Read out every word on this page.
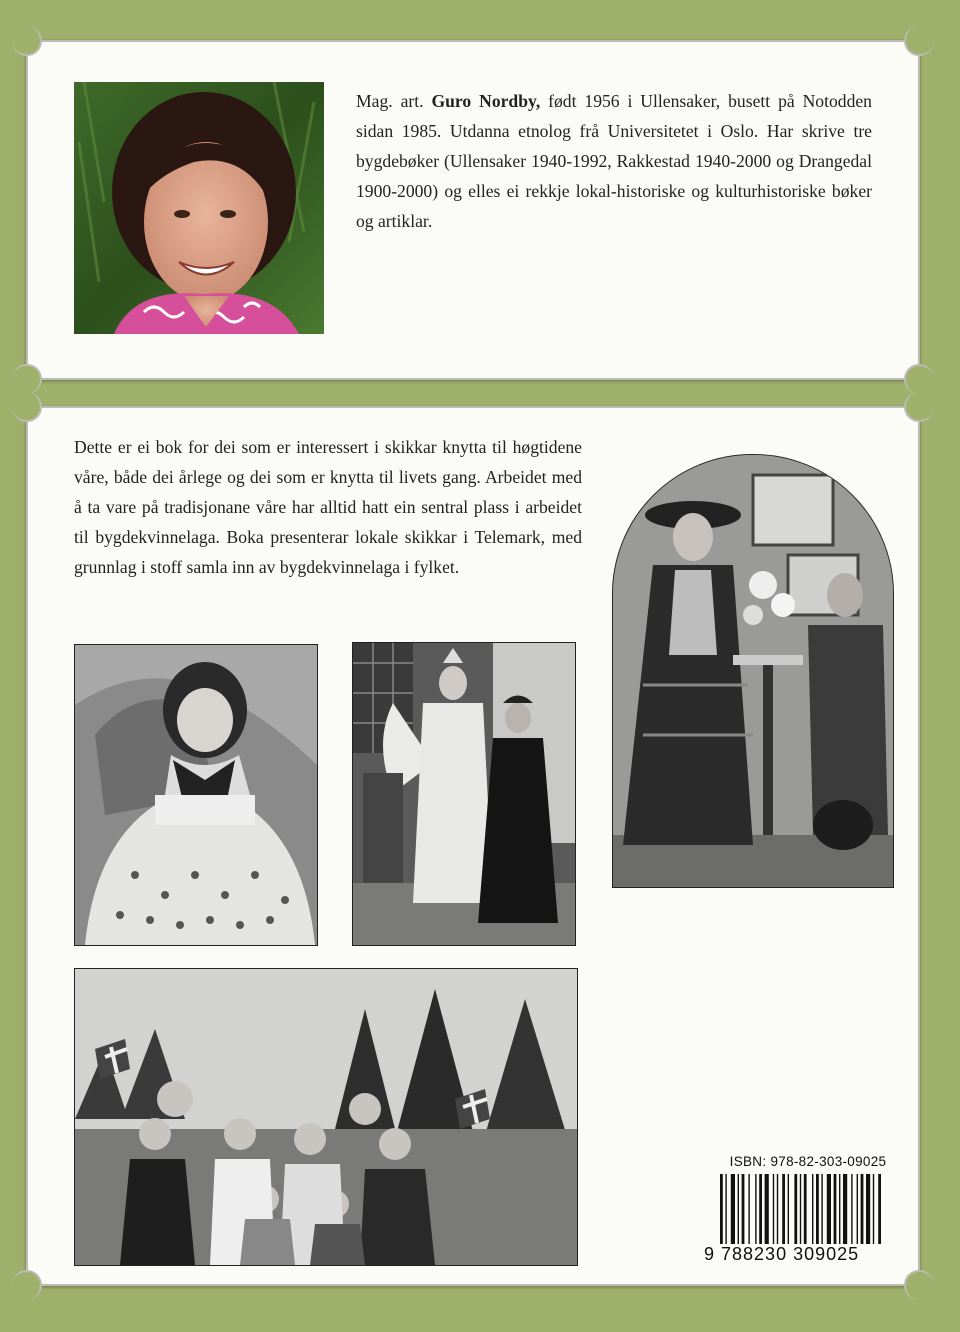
Mag. art. Guro Nordby, født 1956 i Ullensaker, busett på Notodden sidan 1985. Utdanna etnolog frå Universitetet i Oslo. Har skrive tre bygdebøker (Ullensaker 1940-1992, Rakkestad 1940-2000 og Drangedal 1900-2000) og elles ei rekkje lokal-historiske og kulturhistoriske bøker og artiklar.

Dette er ei bok for dei som er interessert i skikkar knytta til høgtidene våre, både dei årlege og dei som er knytta til livets gang. Arbeidet med å ta vare på tradisjonane våre har alltid hatt ein sentral plass i arbeidet til bygdekvinnelaga. Boka presenterar lokale skikkar i Telemark, med grunnlag i stoff samla inn av bygdekvinnelaga i fylket.

ISBN: 978-82-303-09025
9 788230 309025
